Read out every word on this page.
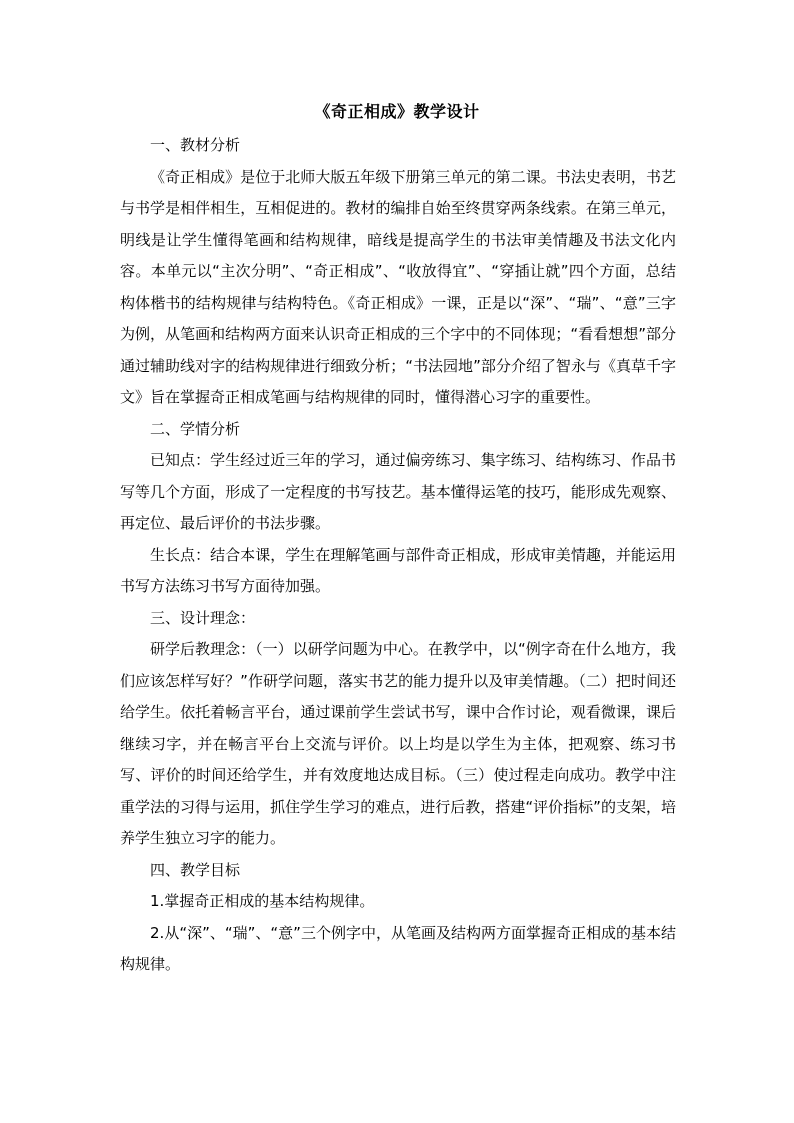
《奇正相成》教学设计

一、教材分析

《奇正相成》是位于北师大版五年级下册第三单元的第二课。书法史表明，书艺与书学是相伴相生，互相促进的。教材的编排自始至终贯穿两条线索。在第三单元，明线是让学生懂得笔画和结构规律，暗线是提高学生的书法审美情趣及书法文化内容。本单元以“主次分明”、“奇正相成”、“收放得宜”、“穿插让就”四个方面，总结构体楷书的结构规律与结构特色。《奇正相成》一课，正是以“深”、“瑞”、“意”三字为例，从笔画和结构两方面来认识奇正相成的三个字中的不同体现；“看看想想”部分通过辅助线对字的结构规律进行细致分析；“书法园地”部分介绍了智永与《真草千字文》旨在掌握奇正相成笔画与结构规律的同时，懂得潜心习字的重要性。

二、学情分析

已知点：学生经过近三年的学习，通过偏旁练习、集字练习、结构练习、作品书写等几个方面，形成了一定程度的书写技艺。基本懂得运笔的技巧，能形成先观察、再定位、最后评价的书法步骤。

生长点：结合本课，学生在理解笔画与部件奇正相成，形成审美情趣，并能运用书写方法练习书写方面待加强。

三、设计理念：

研学后教理念：（一）以研学问题为中心。在教学中，以“例字奇在什么地方，我们应该怎样写好？”作研学问题，落实书艺的能力提升以及审美情趣。（二）把时间还给学生。依托着畅言平台，通过课前学生尝试书写，课中合作讨论，观看微课，课后继续习字，并在畅言平台上交流与评价。以上均是以学生为主体，把观察、练习书写、评价的时间还给学生，并有效度地达成目标。（三）使过程走向成功。教学中注重学法的习得与运用，抓住学生学习的难点，进行后教，搭建“评价指标”的支架，培养学生独立习字的能力。

四、教学目标

1.掌握奇正相成的基本结构规律。

2.从“深”、“瑞”、“意”三个例字中，从笔画及结构两方面掌握奇正相成的基本结构规律。
